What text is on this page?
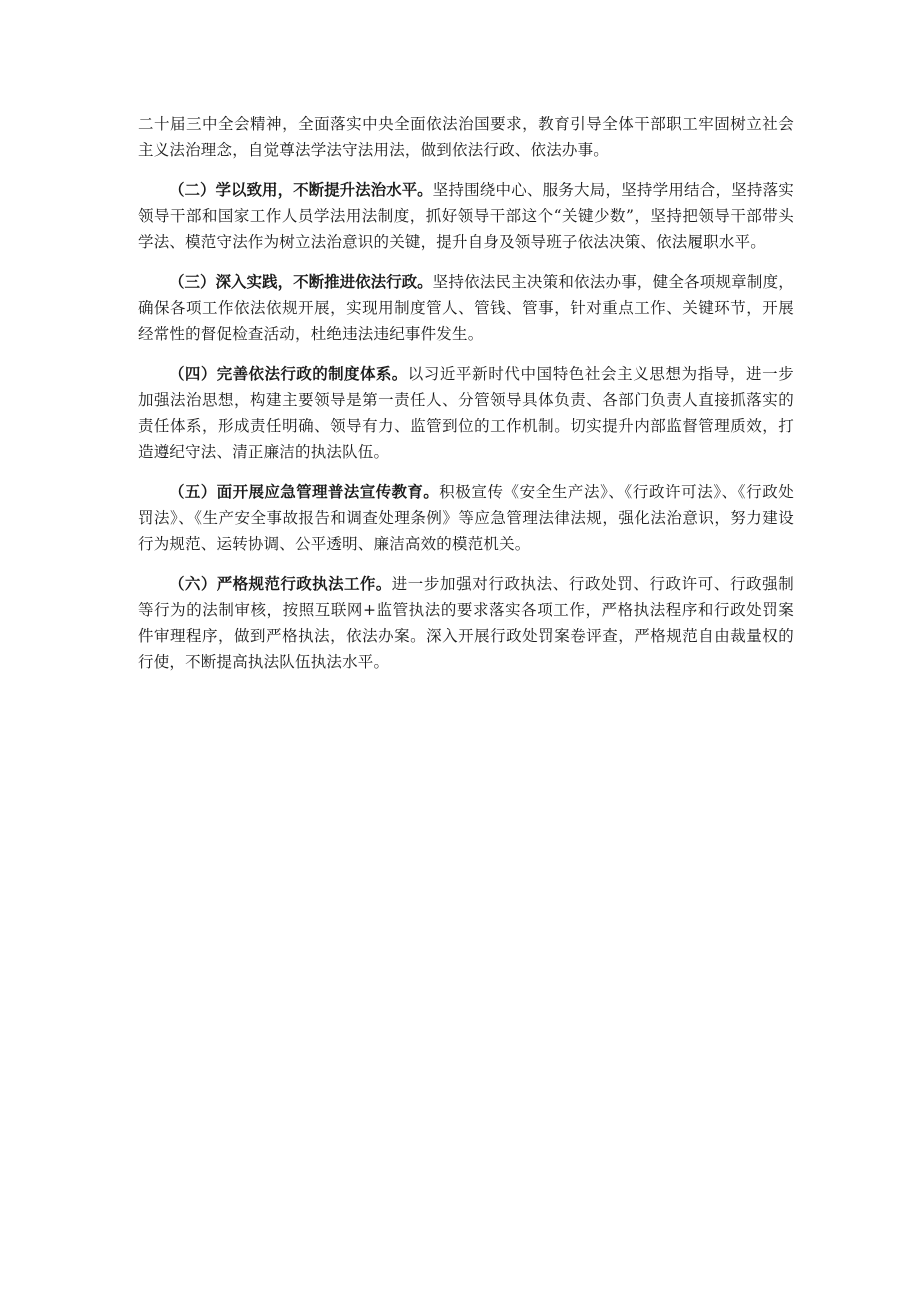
二十届三中全会精神，全面落实中央全面依法治国要求，教育引导全体干部职工牢固树立社会主义法治理念，自觉尊法学法守法用法，做到依法行政、依法办事。

（二）学以致用，不断提升法治水平。坚持围绕中心、服务大局，坚持学用结合，坚持落实领导干部和国家工作人员学法用法制度，抓好领导干部这个“关键少数”，坚持把领导干部带头学法、模范守法作为树立法治意识的关键，提升自身及领导班子依法决策、依法履职水平。

（三）深入实践，不断推进依法行政。坚持依法民主决策和依法办事，健全各项规章制度，确保各项工作依法依规开展，实现用制度管人、管钱、管事，针对重点工作、关键环节，开展经常性的督促检查活动，杜绝违法违纪事件发生。

（四）完善依法行政的制度体系。以习近平新时代中国特色社会主义思想为指导，进一步加强法治思想，构建主要领导是第一责任人、分管领导具体负责、各部门负责人直接抓落实的责任体系，形成责任明确、领导有力、监管到位的工作机制。切实提升内部监督管理质效，打造遵纪守法、清正廉洁的执法队伍。

（五）面开展应急管理普法宣传教育。积极宣传《安全生产法》、《行政许可法》、《行政处罚法》、《生产安全事故报告和调查处理条例》等应急管理法律法规，强化法治意识，努力建设行为规范、运转协调、公平透明、廉洁高效的模范机关。

（六）严格规范行政执法工作。进一步加强对行政执法、行政处罚、行政许可、行政强制等行为的法制审核，按照互联网+监管执法的要求落实各项工作，严格执法程序和行政处罚案件审理程序，做到严格执法，依法办案。深入开展行政处罚案卷评查，严格规范自由裁量权的行使，不断提高执法队伍执法水平。
